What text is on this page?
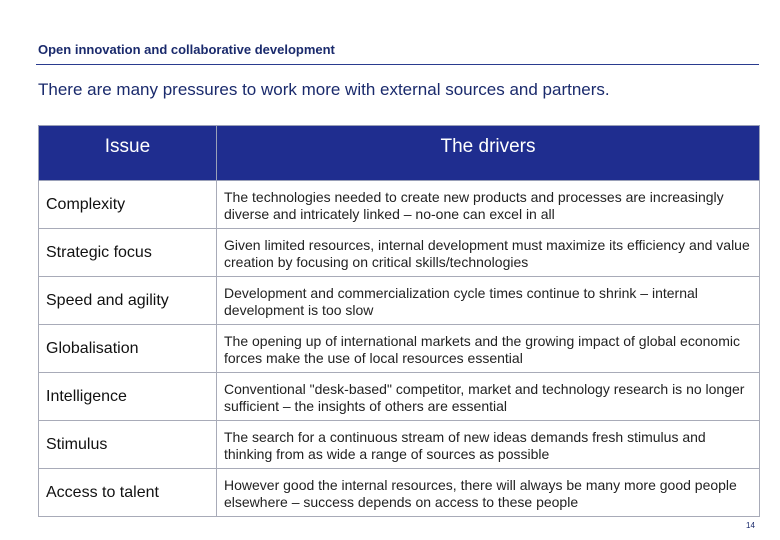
Open innovation and collaborative development
There are many pressures to work more with external sources and partners.
Issue	The drivers
Complexity	The technologies needed to create new products and processes are increasingly diverse and intricately linked – no-one can excel in all
Strategic focus	Given limited resources, internal development must maximize its efficiency and value creation by focusing on critical skills/technologies
Speed and agility	Development and commercialization cycle times continue to shrink – internal development is too slow
Globalisation	The opening up of international markets and the growing impact of global economic forces make the use of local resources essential
Intelligence	Conventional "desk-based" competitor, market and technology research is no longer sufficient – the insights of others are essential
Stimulus	The search for a continuous stream of new ideas demands fresh stimulus and thinking from as wide a range of sources as possible
Access to talent	However good the internal resources, there will always be many more good people elsewhere – success depends on access to these people
14
